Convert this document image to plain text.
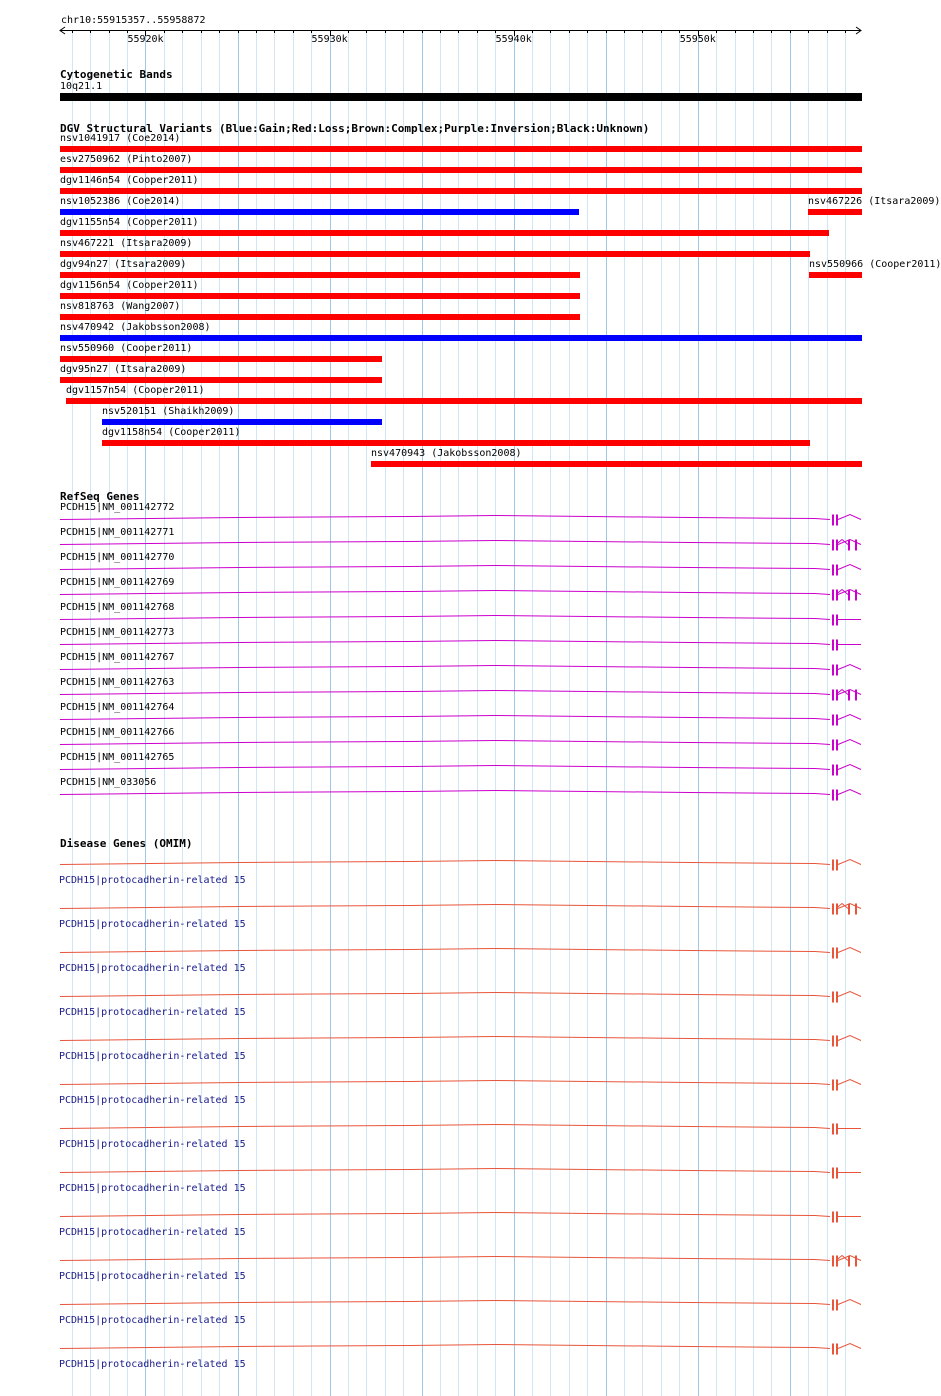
chr10:55915357..55958872
Cytogenetic Bands
10q21.1
DGV Structural Variants (Blue:Gain;Red:Loss;Brown:Complex;Purple:Inversion;Black:Unknown)
RefSeq Genes
Disease Genes (OMIM)
55920k	55930k	55940k	55950k
nsv1041917 (Coe2014)
esv2750962 (Pinto2007)
dgv1146n54 (Cooper2011)
nsv1052386 (Coe2014)	nsv467226 (Itsara2009)
dgv1155n54 (Cooper2011)
nsv467221 (Itsara2009)
dgv94n27 (Itsara2009)	nsv550966 (Cooper2011)
dgv1156n54 (Cooper2011)
nsv818763 (Wang2007)
nsv470942 (Jakobsson2008)
nsv550960 (Cooper2011)
dgv95n27 (Itsara2009)
dgv1157n54 (Cooper2011)
nsv520151 (Shaikh2009)
dgv1158n54 (Cooper2011)
nsv470943 (Jakobsson2008)
PCDH15|NM_001142772
PCDH15|NM_001142771
PCDH15|NM_001142770
PCDH15|NM_001142769
PCDH15|NM_001142768
PCDH15|NM_001142773
PCDH15|NM_001142767
PCDH15|NM_001142763
PCDH15|NM_001142764
PCDH15|NM_001142766
PCDH15|NM_001142765
PCDH15|NM_033056
PCDH15|protocadherin-related 15
PCDH15|protocadherin-related 15
PCDH15|protocadherin-related 15
PCDH15|protocadherin-related 15
PCDH15|protocadherin-related 15
PCDH15|protocadherin-related 15
PCDH15|protocadherin-related 15
PCDH15|protocadherin-related 15
PCDH15|protocadherin-related 15
PCDH15|protocadherin-related 15
PCDH15|protocadherin-related 15
PCDH15|protocadherin-related 15
